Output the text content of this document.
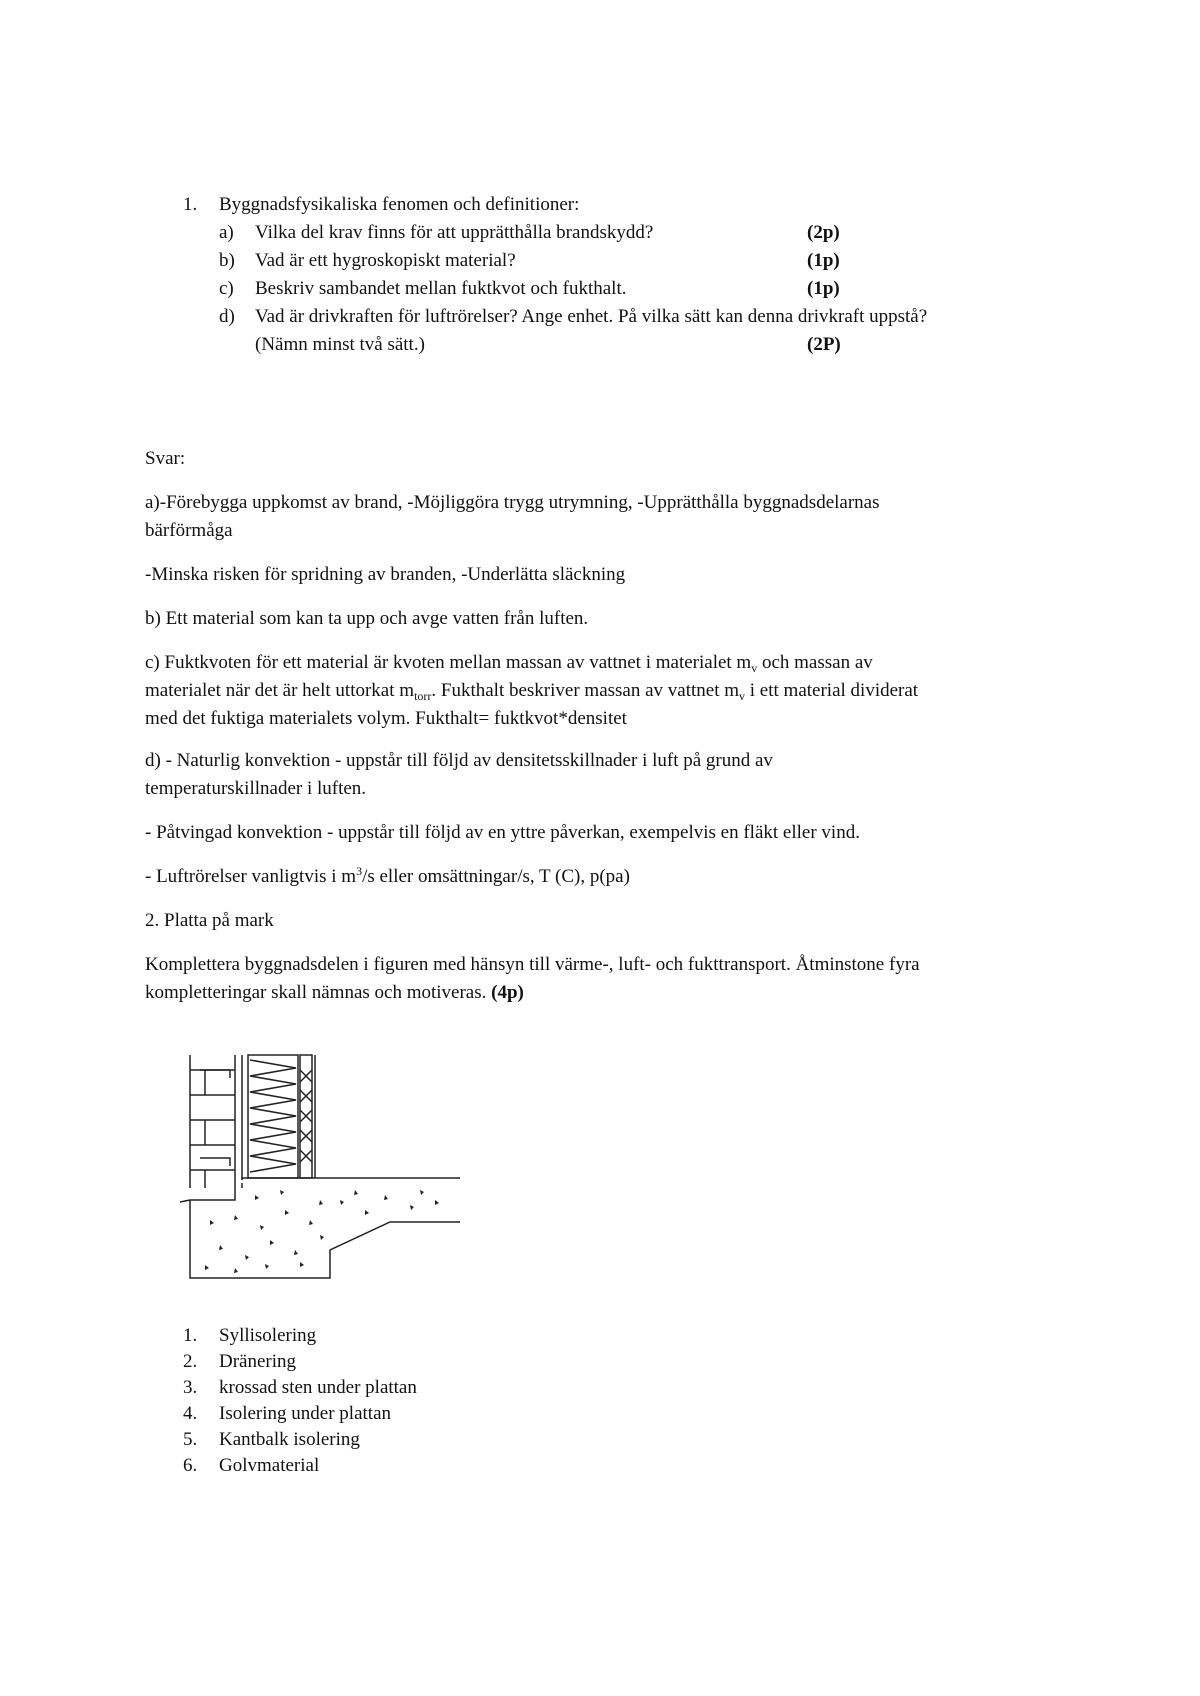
1. Byggnadsfysikaliska fenomen och definitioner:
a) Vilka del krav finns för att upprätthålla brandskydd?	(2p)
b) Vad är ett hygroskopiskt material?	(1p)
c) Beskriv sambandet mellan fuktkvot och fukthalt.	(1p)
d) Vad är drivkraften för luftrörelser? Ange enhet. På vilka sätt kan denna drivkraft uppstå?
(Nämn minst två sätt.)	(2P)
Svar:
a)-Förebygga uppkomst av brand, -Möjliggöra trygg utrymning, -Upprätthålla byggnadsdelarnas
bärförmåga
-Minska risken för spridning av branden, -Underlätta släckning
b) Ett material som kan ta upp och avge vatten från luften.
c) Fuktkvoten för ett material är kvoten mellan massan av vattnet i materialet $m_v$ och massan av
materialet när det är helt uttorkat $m_{torr}$. Fukthalt beskriver massan av vattnet $m_v$ i ett material dividerat
med det fuktiga materialets volym. Fukthalt= fuktkvot*densitet
d) - Naturlig konvektion - uppstår till följd av densitetsskillnader i luft på grund av
temperaturskillnader i luften.
- Påtvingad konvektion - uppstår till följd av en yttre påverkan, exempelvis en fläkt eller vind.
- Luftrörelser vanligtvis i $m^3/s$ eller omsättningar/s, T (C), p(pa)
2. Platta på mark
Komplettera byggnadsdelen i figuren med hänsyn till värme-, luft- och fukttransport. Åtminstone fyra
kompletteringar skall nämnas och motiveras. (4p)
1. Syllisolering
2. Dränering
3. krossad sten under plattan
4. Isolering under plattan
5. Kantbalk isolering
6. Golvmaterial
